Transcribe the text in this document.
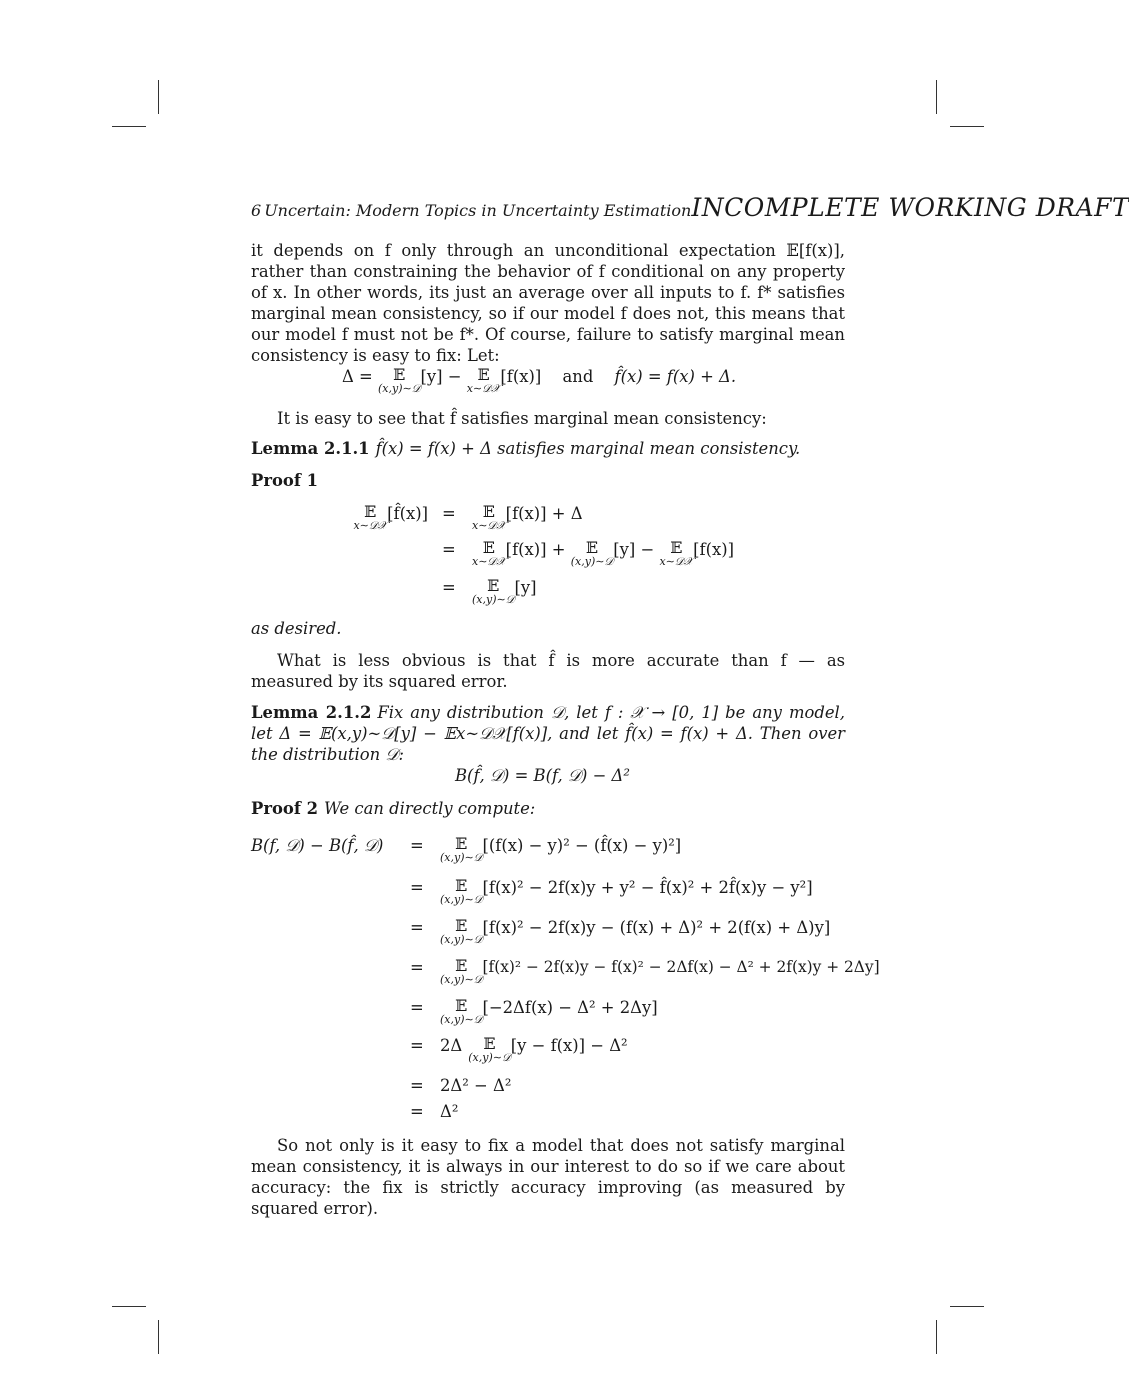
6 Uncertain: Modern Topics in Uncertainty EstimationINCOMPLETE WORKING DRAFT

it depends on f only through an unconditional expectation 𝔼[f(x)], rather than constraining the behavior of f conditional on any property of x. In other words, its just an average over all inputs to f. f* satisfies marginal mean consistency, so if our model f does not, this means that our model f must not be f*. Of course, failure to satisfy marginal mean consistency is easy to fix: Let:

Δ =	𝔼
(x,y)∼𝒟
[y] − 𝔼
x∼𝒟𝒳
[f(x)] and f̂(x) = f(x) + Δ.

It is easy to see that f̂ satisfies marginal mean consistency:

Lemma 2.1.1 f̂(x) = f(x) + Δ satisfies marginal mean consistency.

Proof 1

𝔼
x∼𝒟𝒳
[f̂(x)] =	𝔼
x∼𝒟𝒳
[f(x)] + Δ
=	𝔼
x∼𝒟𝒳
[f(x)] +	𝔼
(x,y)∼𝒟
[y] − 𝔼
x∼𝒟𝒳
[f(x)]
=	𝔼
(x,y)∼𝒟
[y]

as desired.

What is less obvious is that f̂ is more accurate than f — as measured by its squared error.

Lemma 2.1.2 Fix any distribution 𝒟, let f : 𝒳 → [0, 1] be any model, let Δ = 𝔼(x,y)∼𝒟[y] − 𝔼x∼𝒟𝒳[f(x)], and let f̂(x) = f(x) + Δ. Then over the distribution 𝒟:

B(f̂, 𝒟) = B(f, 𝒟) − Δ²

Proof 2 We can directly compute:

B(f, 𝒟) − B(f̂, 𝒟) =	𝔼
(x,y)∼𝒟
[(f(x) − y)² − (f̂(x) − y)²]
=	𝔼
(x,y)∼𝒟
[f(x)² − 2f(x)y + y² − f̂(x)² + 2f̂(x)y − y²]
=	𝔼
(x,y)∼𝒟
[f(x)² − 2f(x)y − (f(x) + Δ)² + 2(f(x) + Δ)y]
=	𝔼
(x,y)∼𝒟
[f(x)² − 2f(x)y − f(x)² − 2Δf(x) − Δ² + 2f(x)y + 2Δy]
=	𝔼
(x,y)∼𝒟
[−2Δf(x) − Δ² + 2Δy]
= 2Δ	𝔼
(x,y)∼𝒟
[y − f(x)] − Δ²
= 2Δ² − Δ²
= Δ²

So not only is it easy to fix a model that does not satisfy marginal mean consistency, it is always in our interest to do so if we care about accuracy: the fix is strictly accuracy improving (as measured by squared error).
